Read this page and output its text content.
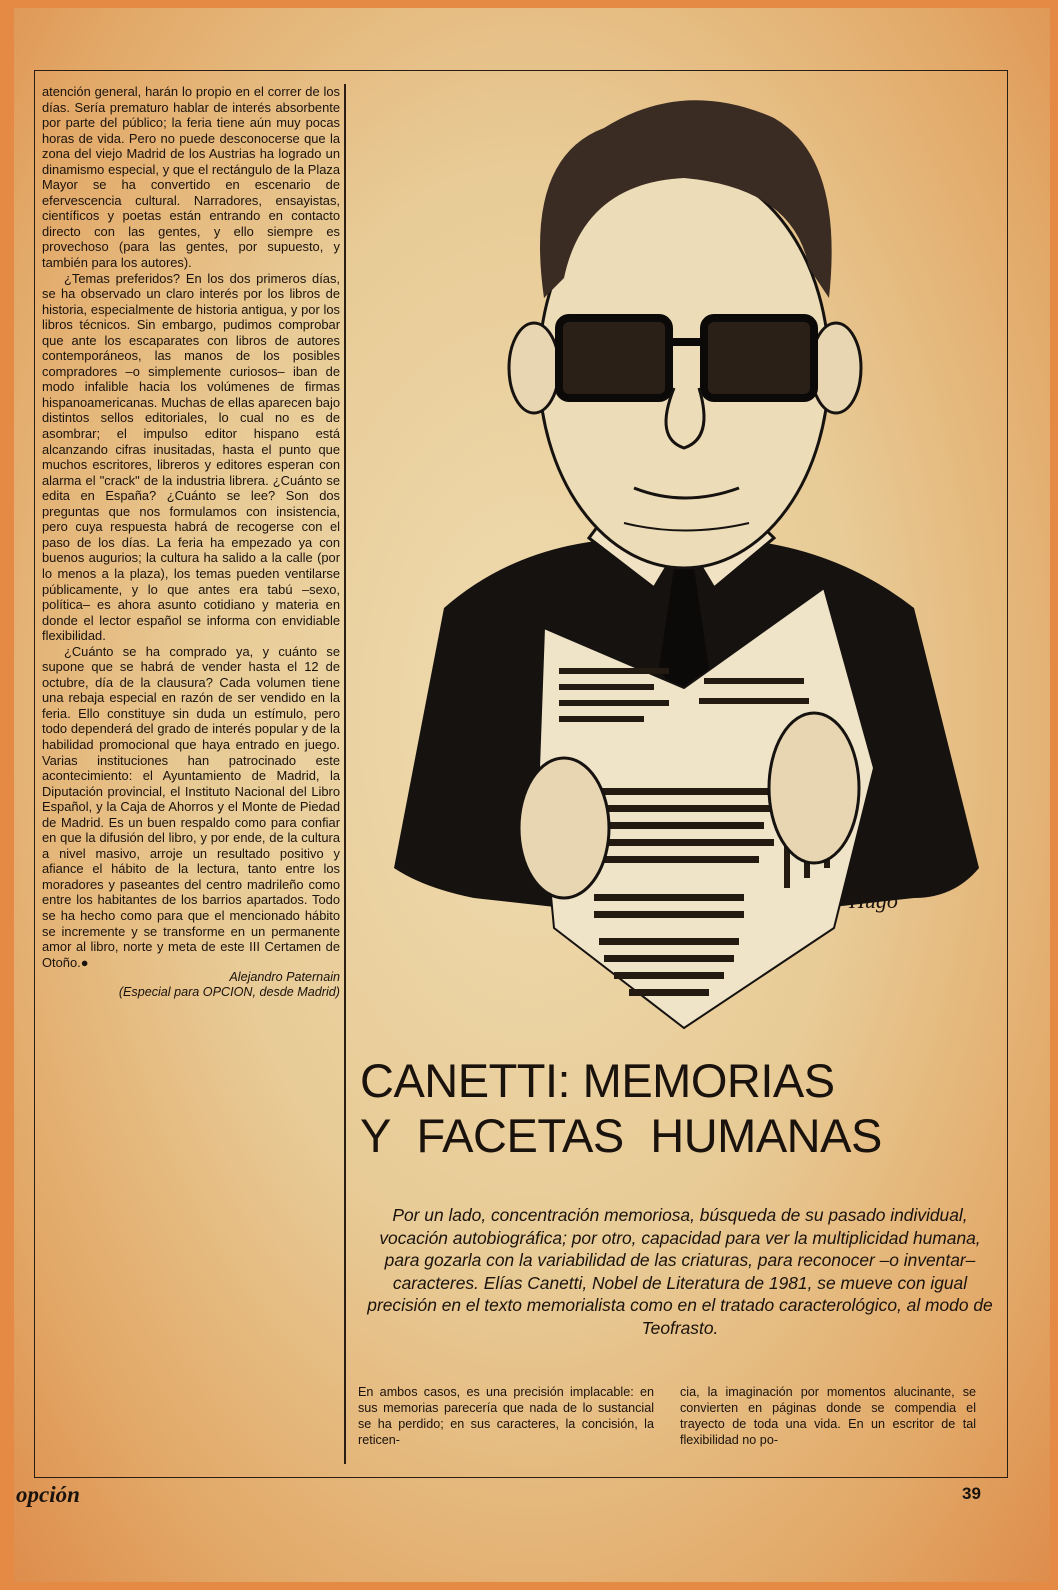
atención general, harán lo propio en el correr de los días. Sería prematuro hablar de interés absorbente por parte del público; la feria tiene aún muy pocas horas de vida. Pero no puede desconocerse que la zona del viejo Madrid de los Austrias ha logrado un dinamismo especial, y que el rectángulo de la Plaza Mayor se ha convertido en escenario de efervescencia cultural. Narradores, ensayistas, científicos y poetas están entrando en contacto directo con las gentes, y ello siempre es provechoso (para las gentes, por supuesto, y también para los autores).

¿Temas preferidos? En los dos primeros días, se ha observado un claro interés por los libros de historia, especialmente de historia antigua, y por los libros técnicos. Sin embargo, pudimos comprobar que ante los escaparates con libros de autores contemporáneos, las manos de los posibles compradores –o simplemente curiosos– iban de modo infalible hacia los volúmenes de firmas hispanoamericanas. Muchas de ellas aparecen bajo distintos sellos editoriales, lo cual no es de asombrar; el impulso editor hispano está alcanzando cifras inusitadas, hasta el punto que muchos escritores, libreros y editores esperan con alarma el "crack" de la industria librera. ¿Cuánto se edita en España? ¿Cuánto se lee? Son dos preguntas que nos formulamos con insistencia, pero cuya respuesta habrá de recogerse con el paso de los días. La feria ha empezado ya con buenos augurios; la cultura ha salido a la calle (por lo menos a la plaza), los temas pueden ventilarse públicamente, y lo que antes era tabú –sexo, política– es ahora asunto cotidiano y materia en donde el lector español se informa con envidiable flexibilidad.

¿Cuánto se ha comprado ya, y cuánto se supone que se habrá de vender hasta el 12 de octubre, día de la clausura? Cada volumen tiene una rebaja especial en razón de ser vendido en la feria. Ello constituye sin duda un estímulo, pero todo dependerá del grado de interés popular y de la habilidad promocional que haya entrado en juego. Varias instituciones han patrocinado este acontecimiento: el Ayuntamiento de Madrid, la Diputación provincial, el Instituto Nacional del Libro Español, y la Caja de Ahorros y el Monte de Piedad de Madrid. Es un buen respaldo como para confiar en que la difusión del libro, y por ende, de la cultura a nivel masivo, arroje un resultado positivo y afiance el hábito de la lectura, tanto entre los moradores y paseantes del centro madrileño como entre los habitantes de los barrios apartados. Todo se ha hecho como para que el mencionado hábito se incremente y se transforme en un permanente amor al libro, norte y meta de este III Certamen de Otoño.●

Alejandro Paternain

(Especial para OPCION, desde Madrid)

Hugo
CANETTI: MEMORIAS
Y FACETAS HUMANAS
Por un lado, concentración memoriosa, búsqueda de su pasado individual, vocación autobiográfica; por otro, capacidad para ver la multiplicidad humana, para gozarla con la variabilidad de las criaturas, para reconocer –o inventar– caracteres. Elías Canetti, Nobel de Literatura de 1981, se mueve con igual precisión en el texto memorialista como en el tratado caracterológico, al modo de Teofrasto.

En ambos casos, es una precisión implacable: en sus memorias parecería que nada de lo sustancial se ha perdido; en sus caracteres, la concisión, la reticen-

cia, la imaginación por momentos alucinante, se convierten en páginas donde se compendia el trayecto de toda una vida. En un escritor de tal flexibilidad no po-

opción	39
